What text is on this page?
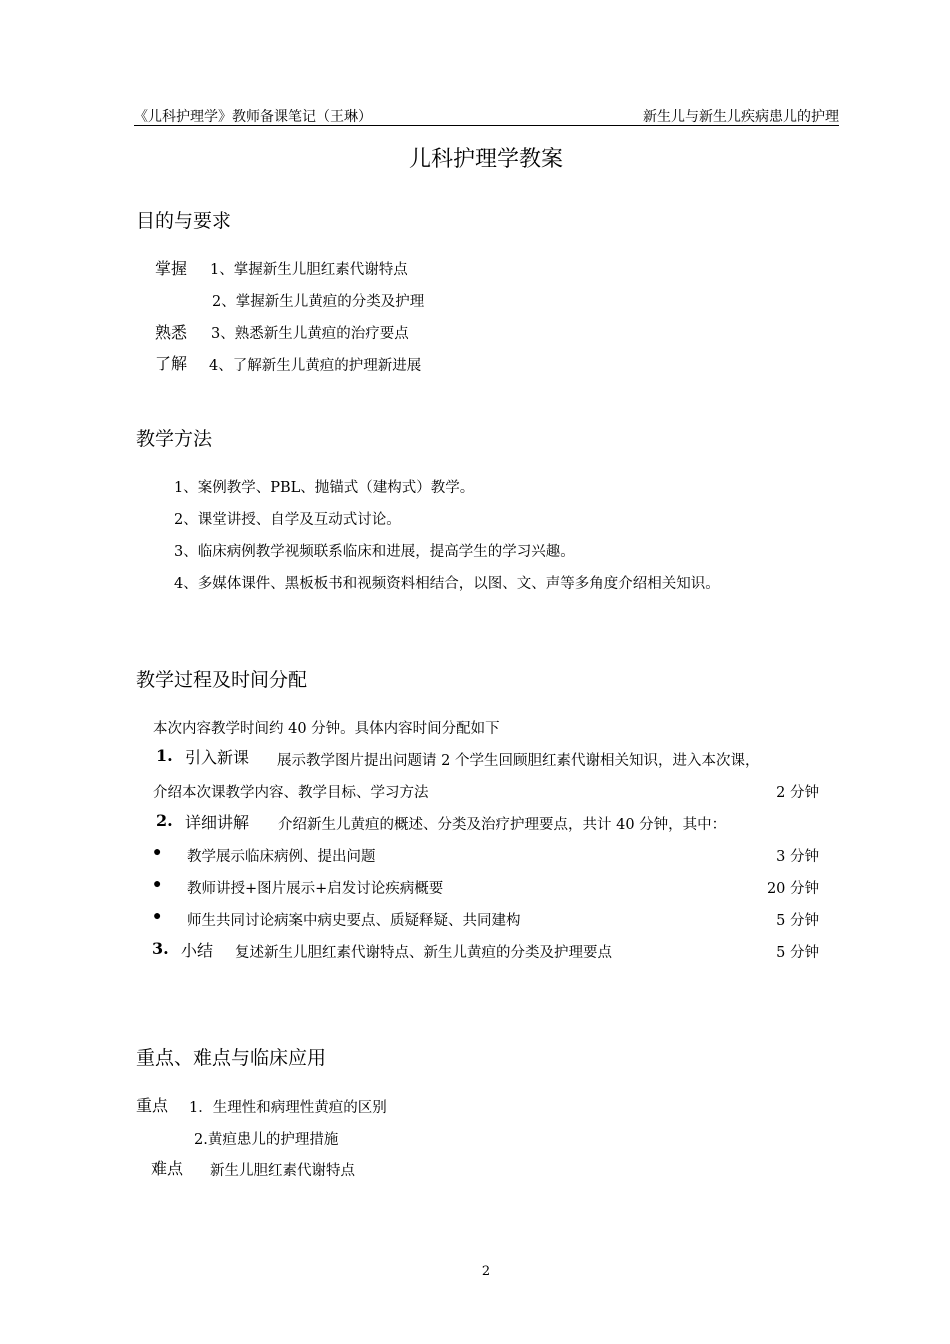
《儿科护理学》教师备课笔记（王琳）	新生儿与新生儿疾病患儿的护理
儿科护理学教案
目的与要求
掌握 1、掌握新生儿胆红素代谢特点
2、掌握新生儿黄疸的分类及护理
熟悉 3、熟悉新生儿黄疸的治疗要点
了解 4、了解新生儿黄疸的护理新进展
教学方法
1、案例教学、PBL、抛锚式（建构式）教学。
2、课堂讲授、自学及互动式讨论。
3、临床病例教学视频联系临床和进展，提高学生的学习兴趣。
4、多媒体课件、黑板板书和视频资料相结合，以图、文、声等多角度介绍相关知识。
教学过程及时间分配
本次内容教学时间约 40 分钟。具体内容时间分配如下
1. 引入新课 展示教学图片提出问题请 2 个学生回顾胆红素代谢相关知识，进入本次课，
介绍本次课教学内容、教学目标、学习方法	2 分钟
2. 详细讲解 介绍新生儿黄疸的概述、分类及治疗护理要点，共计 40 分钟，其中：
● 教学展示临床病例、提出问题	3 分钟
● 教师讲授+图片展示+启发讨论疾病概要	20 分钟
● 师生共同讨论病案中病史要点、质疑释疑、共同建构	5 分钟
3. 小结 复述新生儿胆红素代谢特点、新生儿黄疸的分类及护理要点	5 分钟
重点、难点与临床应用
重点 1．生理性和病理性黄疸的区别
2.黄疸患儿的护理措施
难点 新生儿胆红素代谢特点
2
